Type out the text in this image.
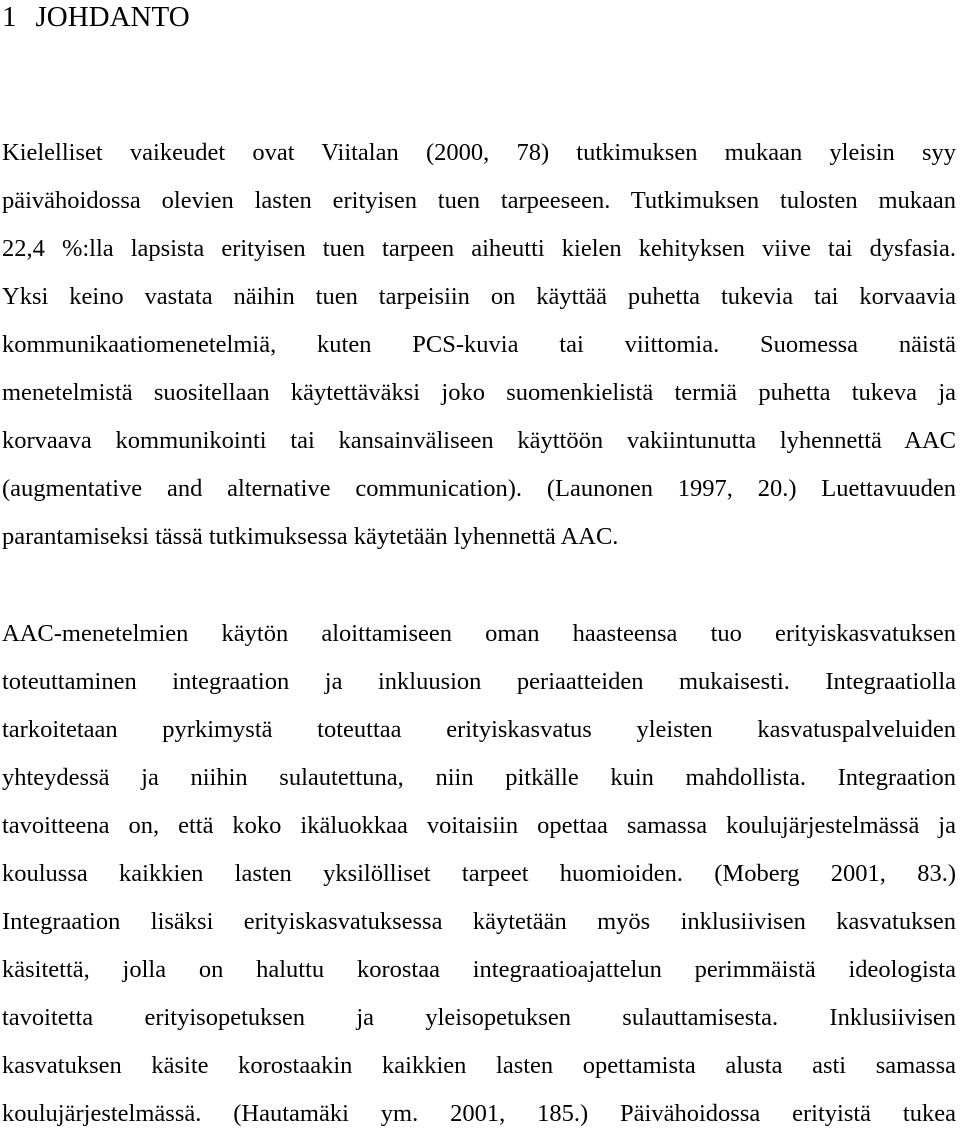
1 JOHDANTO
Kielelliset vaikeudet ovat Viitalan (2000, 78) tutkimuksen mukaan yleisin syy
päivähoidossa olevien lasten erityisen tuen tarpeeseen. Tutkimuksen tulosten mukaan
22,4 %:lla lapsista erityisen tuen tarpeen aiheutti kielen kehityksen viive tai dysfasia.
Yksi keino vastata näihin tuen tarpeisiin on käyttää puhetta tukevia tai korvaavia
kommunikaatiomenetelmiä, kuten PCS-kuvia tai viittomia. Suomessa näistä
menetelmistä suositellaan käytettäväksi joko suomenkielistä termiä puhetta tukeva ja
korvaava kommunikointi tai kansainväliseen käyttöön vakiintunutta lyhennettä AAC
(augmentative and alternative communication). (Launonen 1997, 20.) Luettavuuden
parantamiseksi tässä tutkimuksessa käytetään lyhennettä AAC.
AAC-menetelmien käytön aloittamiseen oman haasteensa tuo erityiskasvatuksen
toteuttaminen integraation ja inkluusion periaatteiden mukaisesti. Integraatiolla
tarkoitetaan pyrkimystä toteuttaa erityiskasvatus yleisten kasvatuspalveluiden
yhteydessä ja niihin sulautettuna, niin pitkälle kuin mahdollista. Integraation
tavoitteena on, että koko ikäluokkaa voitaisiin opettaa samassa koulujärjestelmässä ja
koulussa kaikkien lasten yksilölliset tarpeet huomioiden. (Moberg 2001, 83.)
Integraation lisäksi erityiskasvatuksessa käytetään myös inklusiivisen kasvatuksen
käsitettä, jolla on haluttu korostaa integraatioajattelun perimmäistä ideologista
tavoitetta erityisopetuksen ja yleisopetuksen sulauttamisesta. Inklusiivisen
kasvatuksen käsite korostaakin kaikkien lasten opettamista alusta asti samassa
koulujärjestelmässä. (Hautamäki ym. 2001, 185.) Päivähoidossa erityistä tukea
